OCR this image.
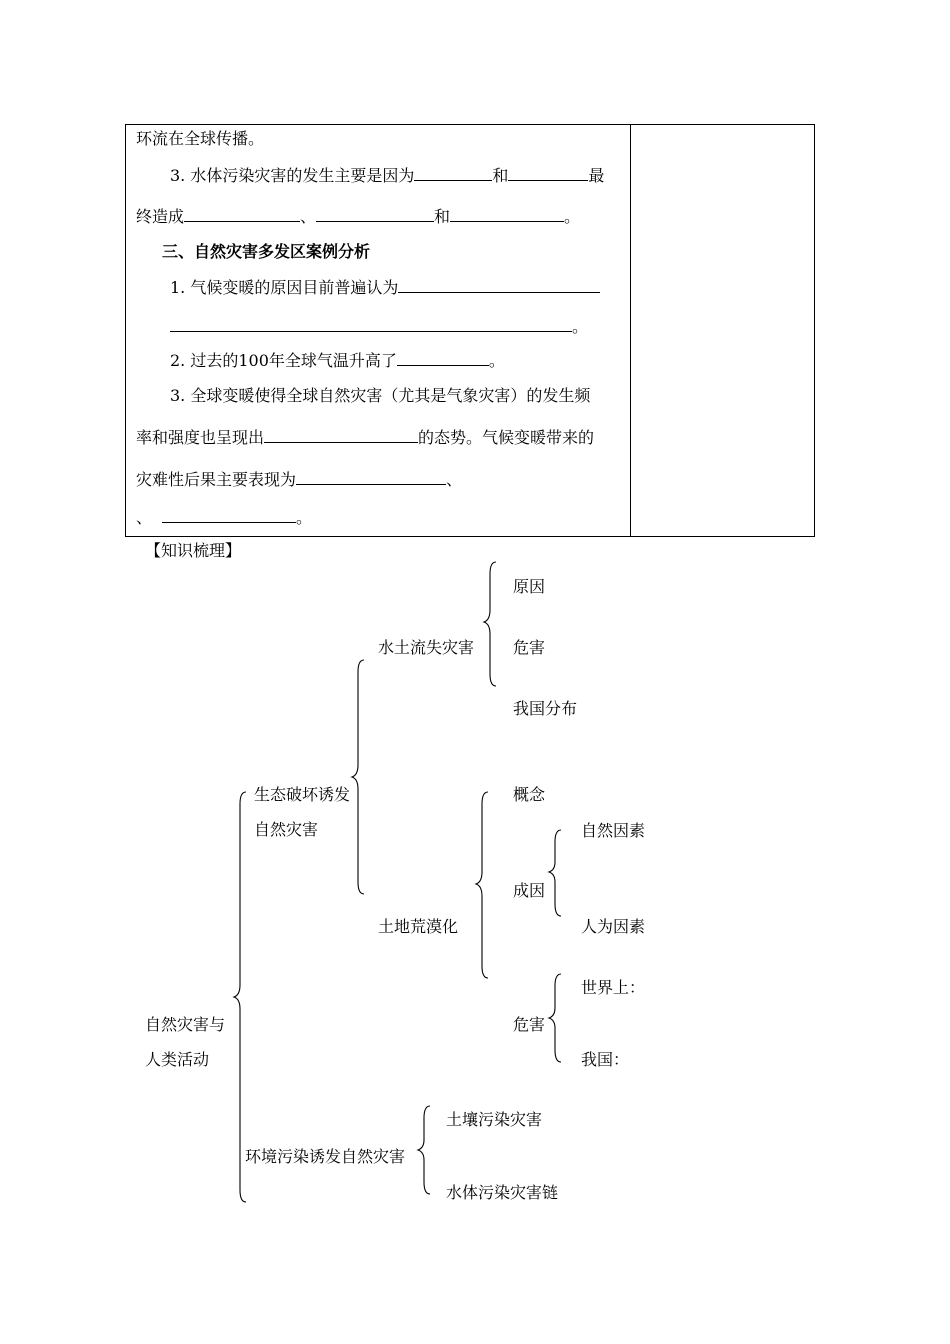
环流在全球传播。
3. 水体污染灾害的发生主要是因为	和	最
终造成	、	和	。
三、自然灾害多发区案例分析
1. 气候变暖的原因目前普遍认为
。
2. 过去的100年全球气温升高了	。
3. 全球变暖使得全球自然灾害（尤其是气象灾害）的发生频
率和强度也呈现出	的态势。气候变暖带来的
灾难性后果主要表现为	、
、	。
【知识梳理】
自然灾害与
人类活动
生态破坏诱发
自然灾害
水土流失灾害
原因
危害
我国分布
土地荒漠化
概念
成因
自然因素
人为因素
危害
世界上：
我国：
环境污染诱发自然灾害
土壤污染灾害
水体污染灾害链
